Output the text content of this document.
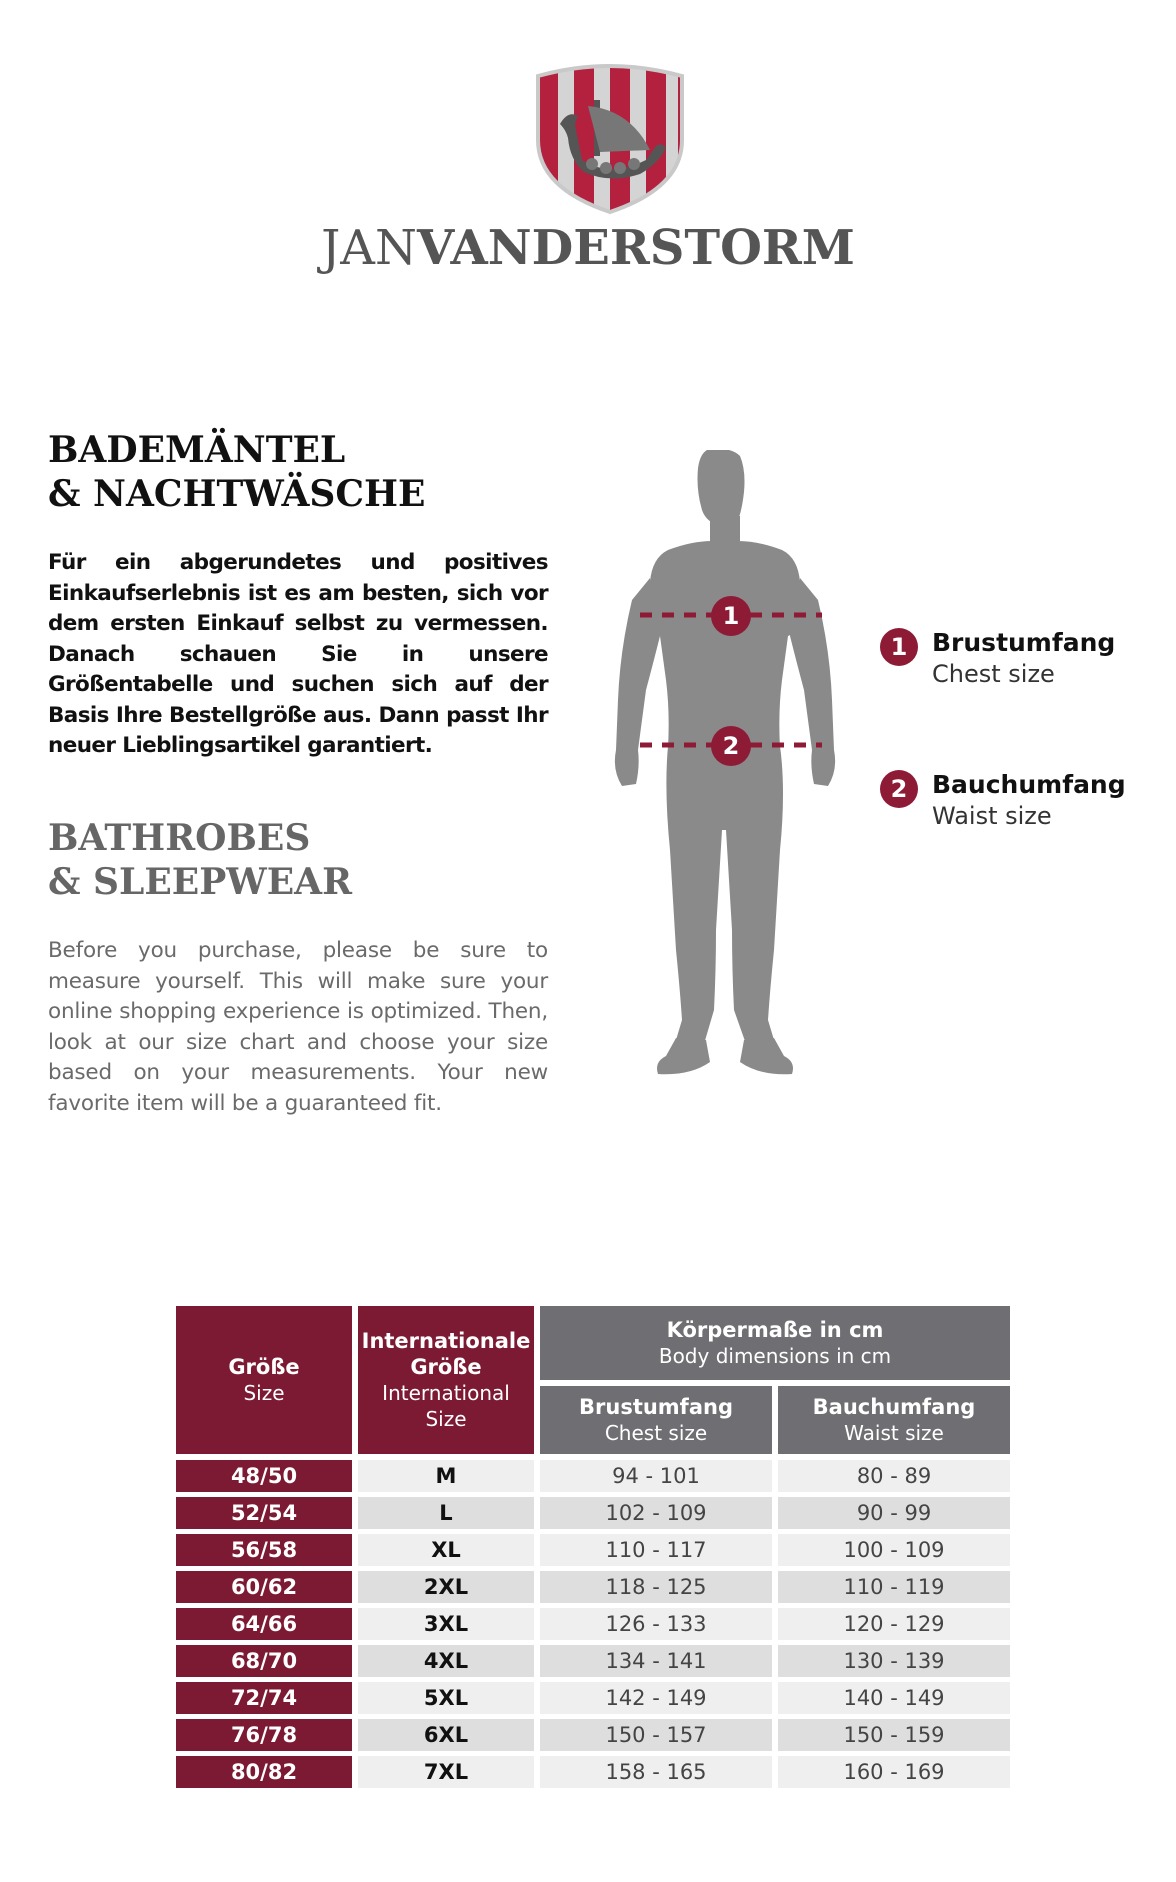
JANVANDERSTORM
BADEMÄNTEL
& NACHTWÄSCHE

Für ein abgerundetes und positives Einkaufserlebnis ist es am besten, sich vor dem ersten Einkauf selbst zu vermessen. Danach schauen Sie in unsere Größentabelle und suchen sich auf der Basis Ihre Bestellgröße aus. Dann passt Ihr neuer Lieblingsartikel garantiert.

BATHROBES
& SLEEPWEAR

Before you purchase, please be sure to measure yourself. This will make sure your online shopping experience is optimized. Then, look at our size chart and choose your size based on your measurements. Your new favorite item will be a guaranteed fit.

1
2
1 Brustumfang
Chest size
2 Bauchumfang
Waist size
Größe
Size
Internationale
Größe
International
Size
Körpermaße in cm
Body dimensions in cm
Brustumfang
Chest size
Bauchumfang
Waist size
48/50	M	94 - 101	80 - 89
52/54	L	102 - 109	90 - 99
56/58	XL	110 - 117	100 - 109
60/62	2XL	118 - 125	110 - 119
64/66	3XL	126 - 133	120 - 129
68/70	4XL	134 - 141	130 - 139
72/74	5XL	142 - 149	140 - 149
76/78	6XL	150 - 157	150 - 159
80/82	7XL	158 - 165	160 - 169
